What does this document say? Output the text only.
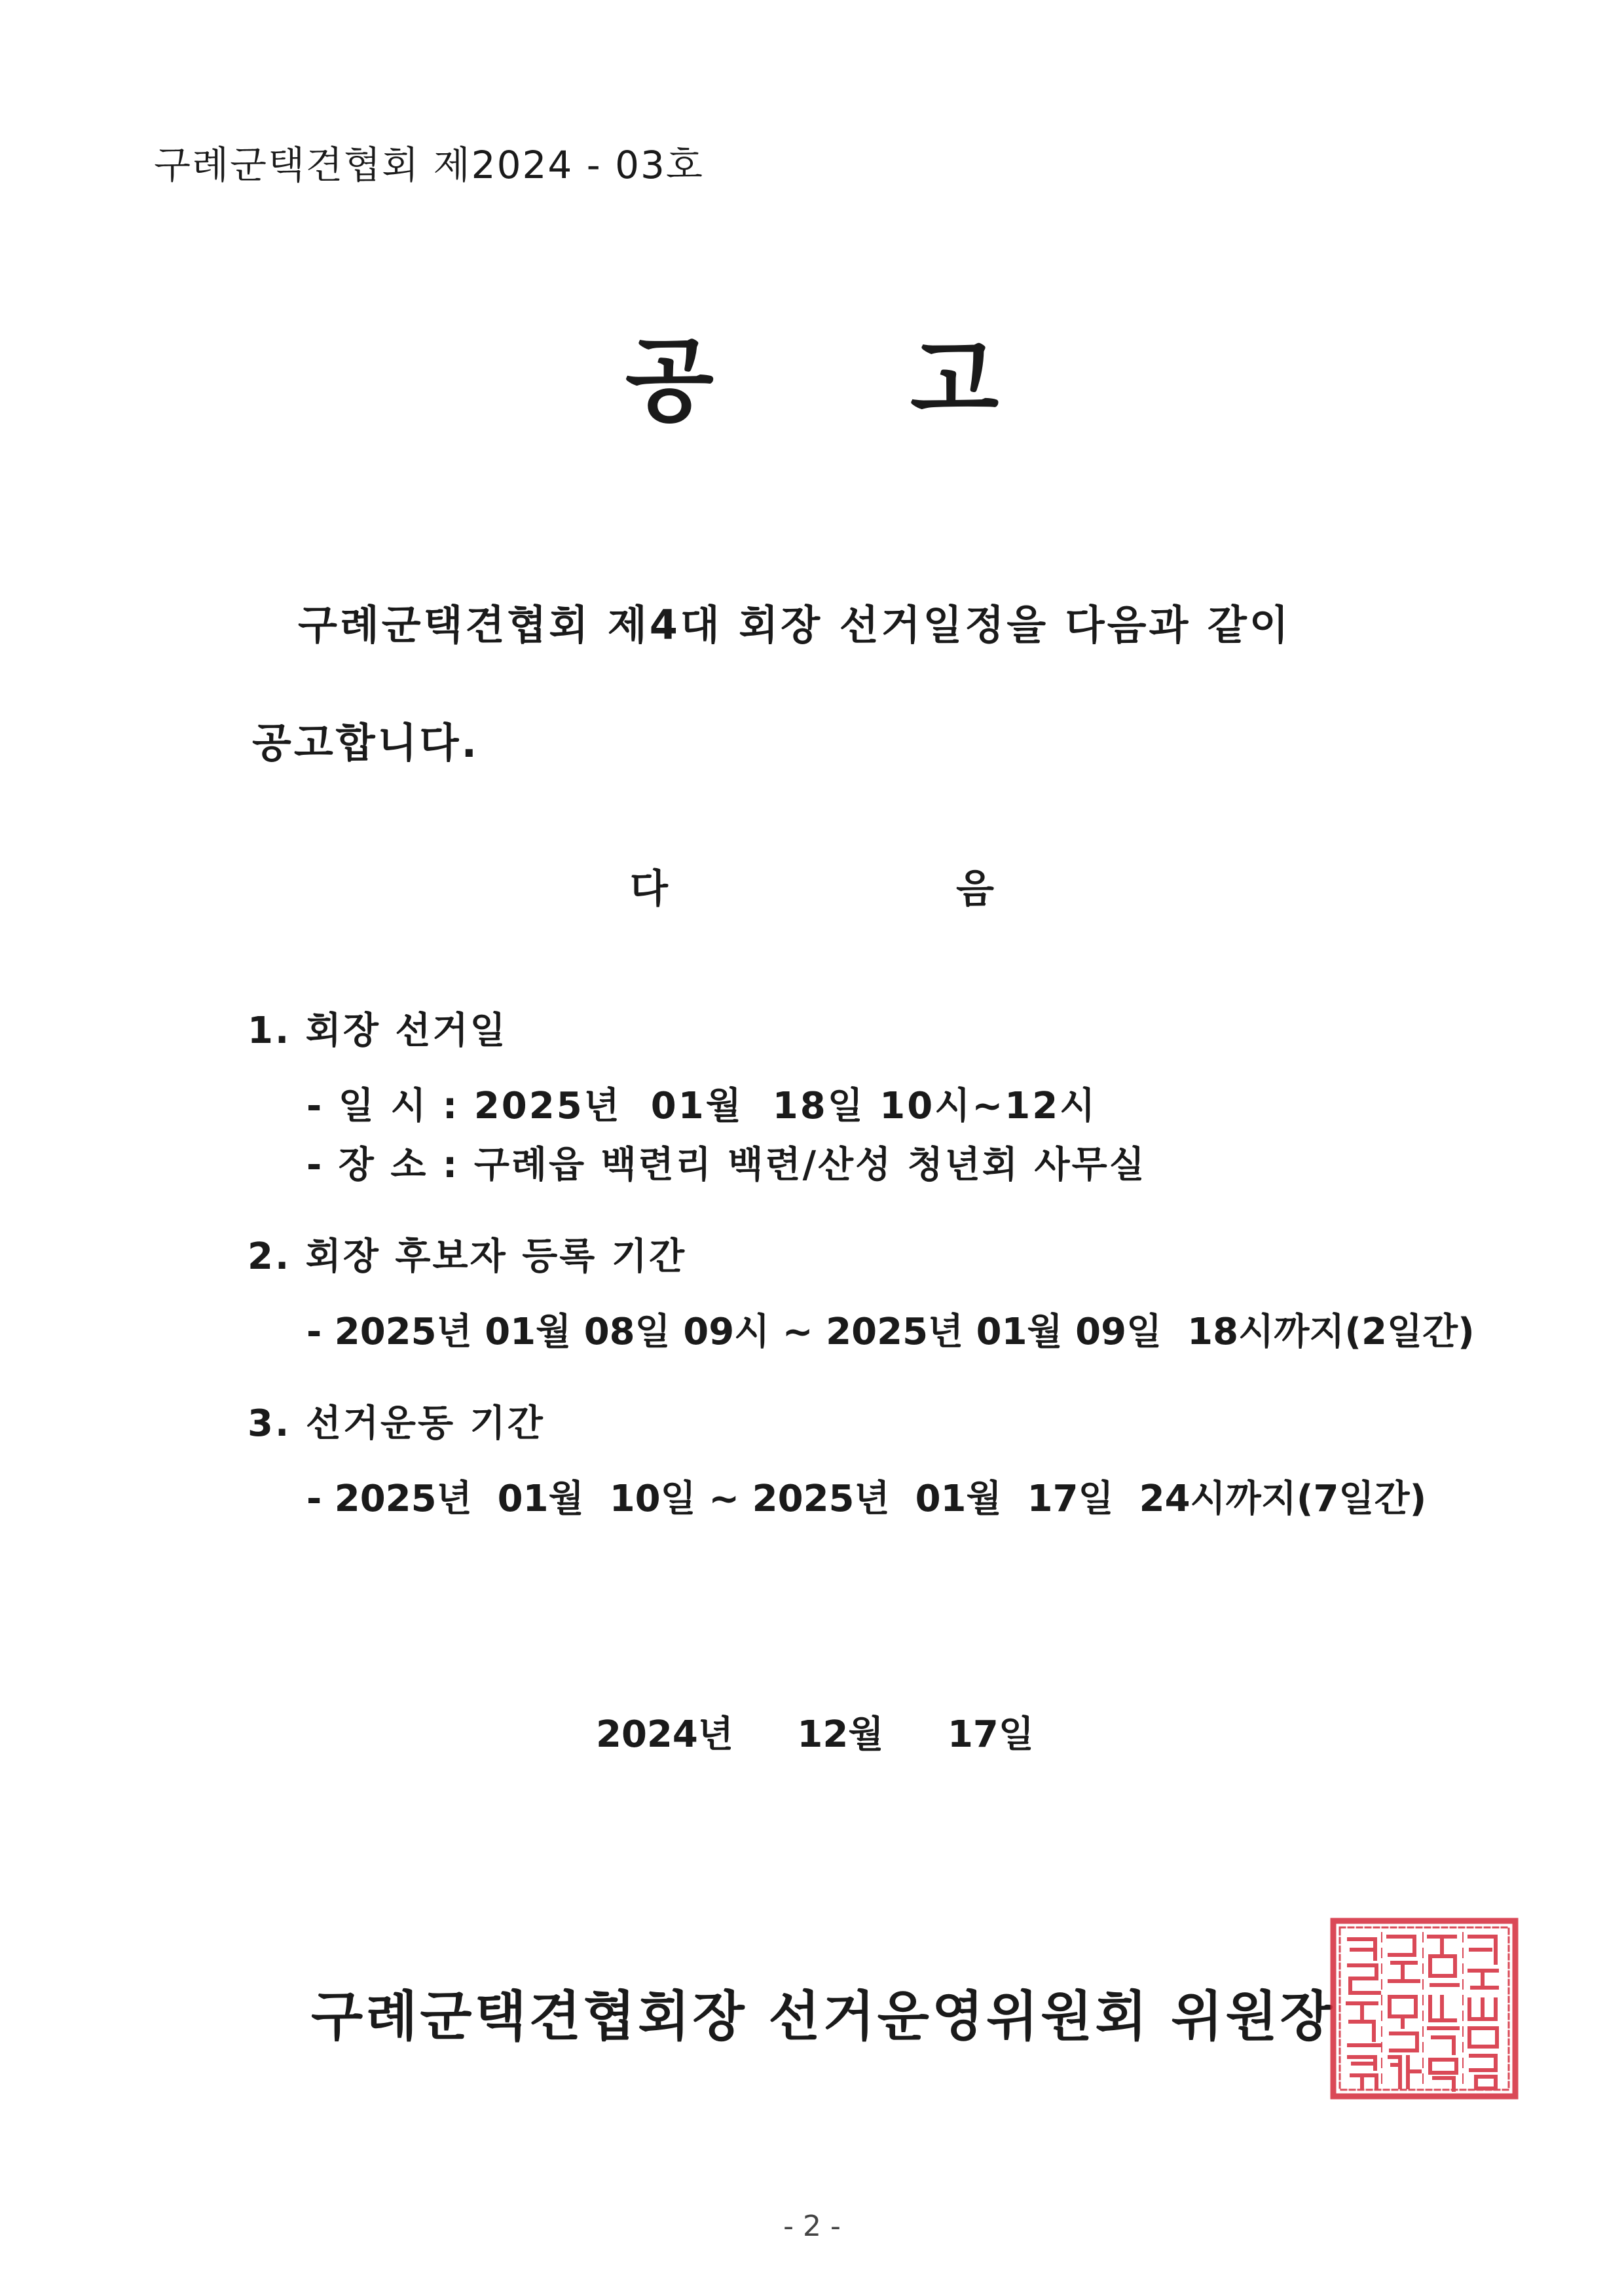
구례군택견협회 제2024 - 03호
공 고
구례군택견협회 제4대 회장 선거일정을 다음과 같이
공고합니다.
다	음
1. 회장 선거일
- 일 시 : 2025년  01월  18일 10시~12시
- 장 소 : 구례읍 백련리 백련/산성 청년회 사무실
2. 회장 후보자 등록 기간
- 2025년 01월 08일 09시 ~ 2025년 01월 09일  18시까지(2일간)
3. 선거운동 기간
- 2025년  01월  10일 ~ 2025년  01월  17일  24시까지(7일간)
2024년     12월     17일
구례군택견협회장 선거운영위원회 위원장
- 2 -
